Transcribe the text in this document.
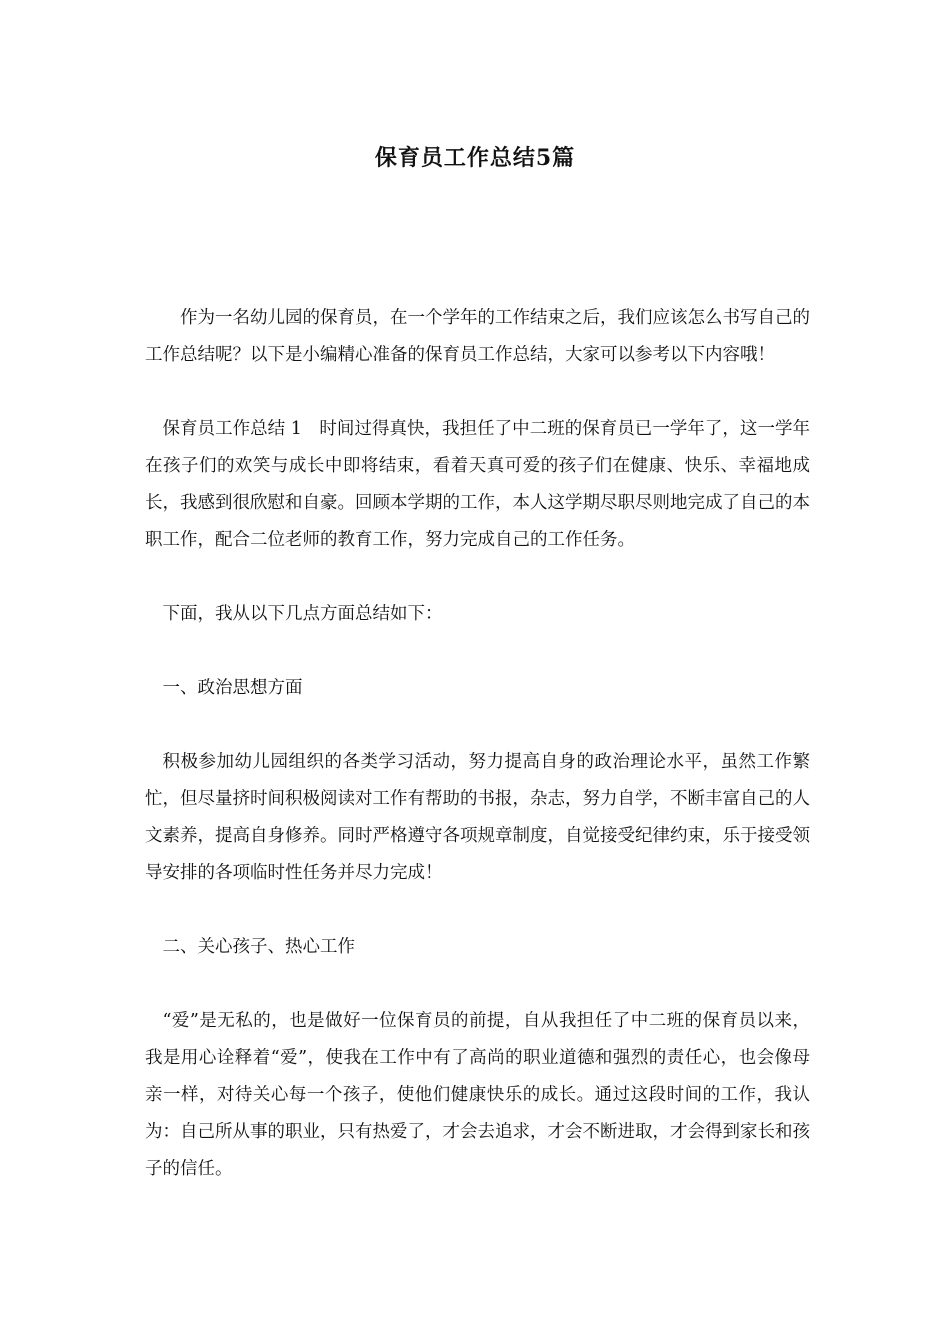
保育员工作总结5篇

作为一名幼儿园的保育员，在一个学年的工作结束之后，我们应该怎么书写自己的工作总结呢？以下是小编精心准备的保育员工作总结，大家可以参考以下内容哦！

保育员工作总结 1　时间过得真快，我担任了中二班的保育员已一学年了，这一学年在孩子们的欢笑与成长中即将结束，看着天真可爱的孩子们在健康、快乐、幸福地成长，我感到很欣慰和自豪。回顾本学期的工作，本人这学期尽职尽则地完成了自己的本职工作，配合二位老师的教育工作，努力完成自己的工作任务。

下面，我从以下几点方面总结如下：

一、政治思想方面

积极参加幼儿园组织的各类学习活动，努力提高自身的政治理论水平，虽然工作繁忙，但尽量挤时间积极阅读对工作有帮助的书报，杂志，努力自学，不断丰富自己的人文素养，提高自身修养。同时严格遵守各项规章制度，自觉接受纪律约束，乐于接受领导安排的各项临时性任务并尽力完成！

二、关心孩子、热心工作

“爱”是无私的，也是做好一位保育员的前提，自从我担任了中二班的保育员以来，我是用心诠释着“爱”，使我在工作中有了高尚的职业道德和强烈的责任心，也会像母亲一样，对待关心每一个孩子，使他们健康快乐的成长。通过这段时间的工作，我认为：自己所从事的职业，只有热爱了，才会去追求，才会不断进取，才会得到家长和孩子的信任。
